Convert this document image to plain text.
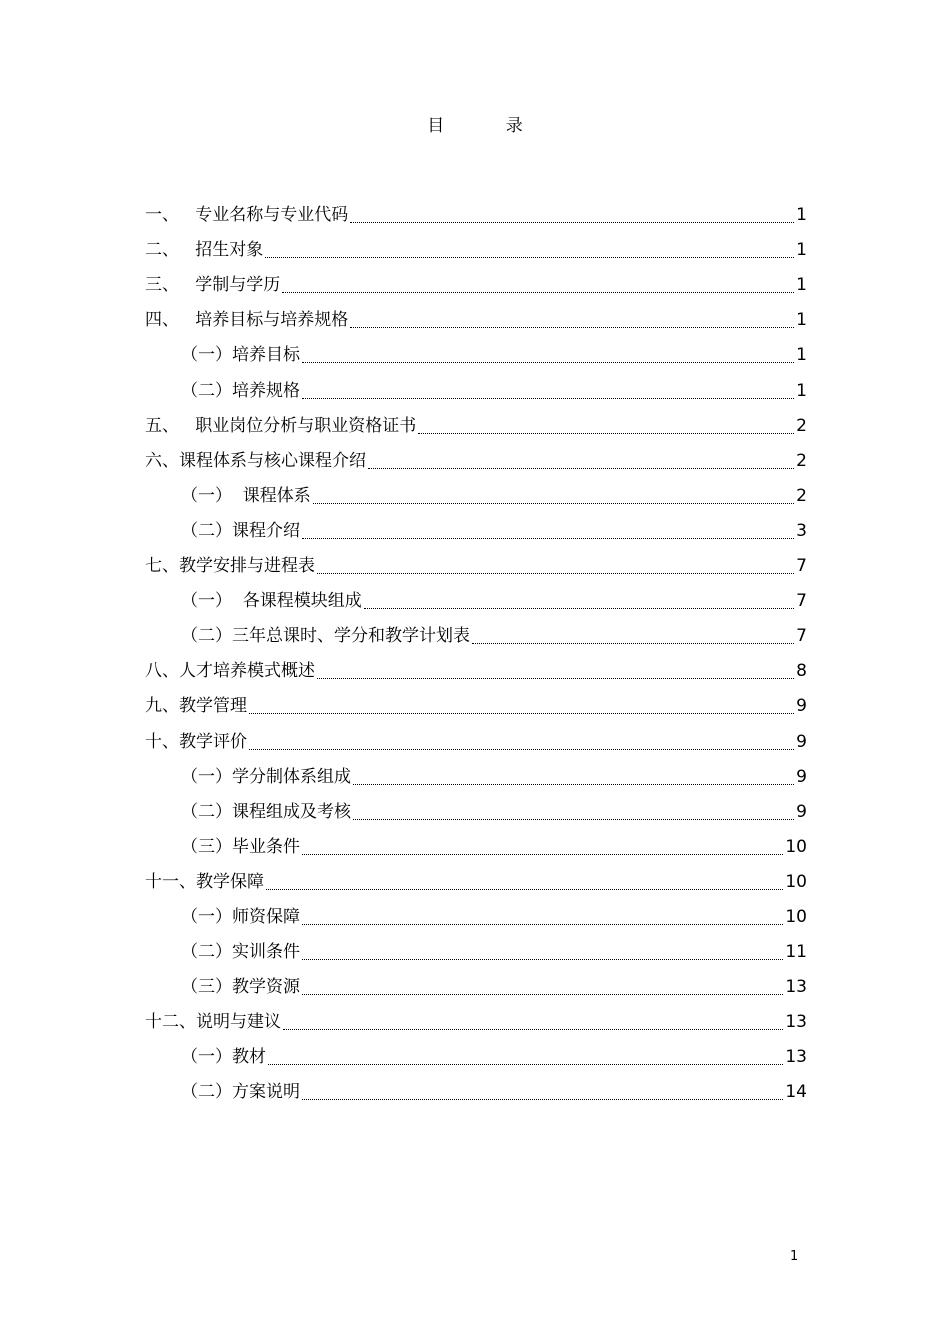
目 录
一、   专业名称与专业代码	1
二、   招生对象	1
三、   学制与学历	1
四、   培养目标与培养规格	1
（一）培养目标	1
（二）培养规格	1
五、   职业岗位分析与职业资格证书	2
六、课程体系与核心课程介绍	2
（一）  课程体系	2
（二）课程介绍	3
七、教学安排与进程表	7
（一）  各课程模块组成	7
（二）三年总课时、学分和教学计划表	7
八、人才培养模式概述	8
九、教学管理	9
十、教学评价	9
（一）学分制体系组成	9
（二）课程组成及考核	9
（三）毕业条件	10
十一、教学保障	10
（一）师资保障	10
（二）实训条件	11
（三）教学资源	13
十二、说明与建议	13
（一）教材	13
（二）方案说明	14
1
